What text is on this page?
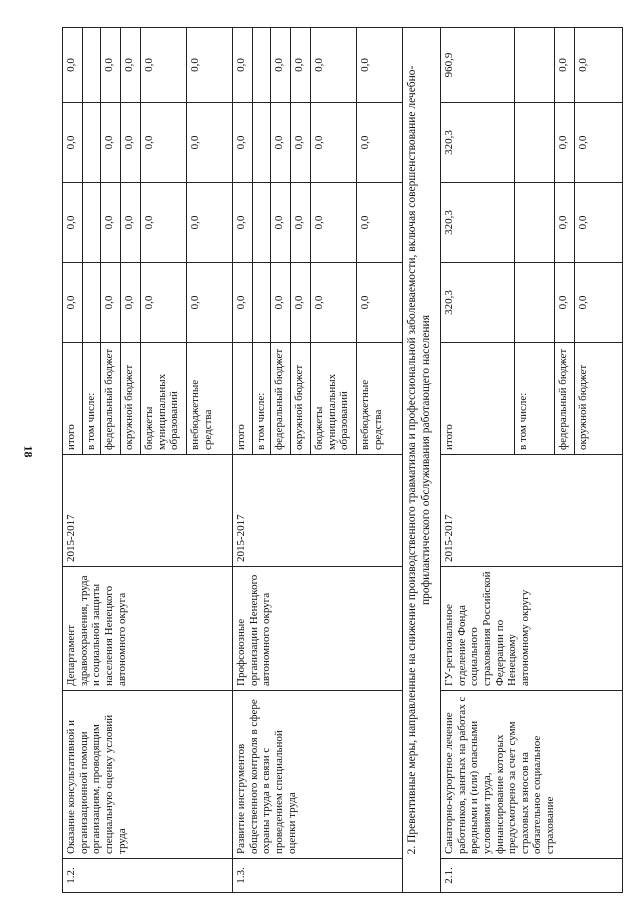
18
1.2.	Оказание консультативной и организационной помощи организациям, проводящим специальную оценку условий труда	Департамент здравоохранения, труда и социальной защиты населения Ненецкого автономного округа	2015-2017	итого	0,0	0,0	0,0	0,0
				в том числе:				
				федеральный бюджет	0,0	0,0	0,0	0,0
				окружной бюджет	0,0	0,0	0,0	0,0
				бюджеты муниципальных образований	0,0	0,0	0,0	0,0
				внебюджетные средства	0,0	0,0	0,0	0,0
1.3.	Развитие инструментов общественного контроля в сфере охраны труда в связи с проведением специальной оценки труда	Профсоюзные организации Ненецкого автономного округа	2015-2017	итого	0,0	0,0	0,0	0,0
				в том числе:				
				федеральный бюджет	0,0	0,0	0,0	0,0
				окружной бюджет	0,0	0,0	0,0	0,0
				бюджеты муниципальных образований	0,0	0,0	0,0	0,0
				внебюджетные средства	0,0	0,0	0,0	0,0
2. Превентивные меры, направленные на снижение производственного травматизма и профессиональной заболеваемости, включая совершенствование лечебно-профилактического обслуживания работающего населения								
2.1.	Санаторно-курортное лечение работников, занятых на работах с вредными и (или) опасными условиями труда, финансирование которых предусмотрено за счет сумм страховых взносов на обязательное социальное страхование	ГУ-региональное отделение Фонда социального страхования Российской Федерации по Ненецкому автономному округу	2015-2017	итого	320,3	320,3	320,3	960,9
				в том числе:				
				федеральный бюджет	0,0	0,0	0,0	0,0
				окружной бюджет	0,0	0,0	0,0	0,0
